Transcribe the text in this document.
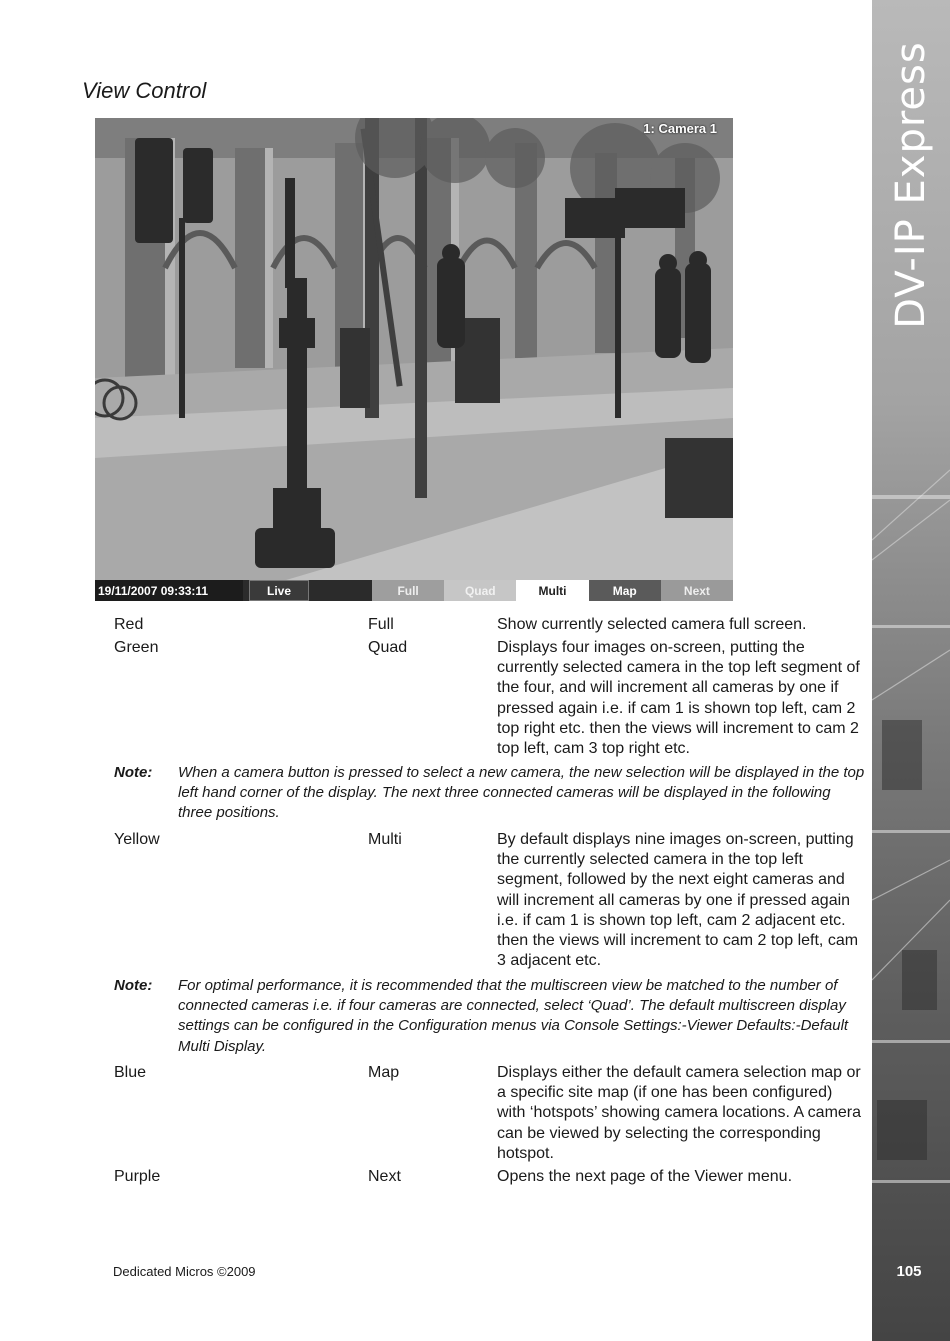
View Control
1: Camera 1
19/11/2007 09:33:11	Live	Full	Quad	Multi	Map	Next
Red	Full	Show currently selected camera full screen.
Green	Quad	Displays four images on-screen, putting the currently selected camera in the top left segment of the four, and will increment all cameras by one if pressed again i.e. if cam 1 is shown top left, cam 2 top right etc. then the views will increment to cam 2 top left, cam 3 top right etc.
Note: When a camera button is pressed to select a new camera, the new selection will be displayed in the top left hand corner of the display. The next three connected cameras will be displayed in the following three positions.
Yellow	Multi	By default displays nine images on-screen, putting the currently selected camera in the top left segment, followed by the next eight cameras and will increment all cameras by one if pressed again i.e. if cam 1 is shown top left, cam 2 adjacent etc. then the views will increment to cam 2 top left, cam 3 adjacent etc.
Note: For optimal performance, it is recommended that the multiscreen view be matched to the number of connected cameras i.e. if four cameras are connected, select ‘Quad’. The default multiscreen display settings can be configured in the Configuration menus via Console Settings:-Viewer Defaults:-Default Multi Display.
Blue	Map	Displays either the default camera selection map or a specific site map (if one has been configured) with ‘hotspots’ showing camera locations. A camera can be viewed by selecting the corresponding hotspot.
Purple	Next	Opens the next page of the Viewer menu.
Dedicated Micros ©2009
DV-IP Express
105
